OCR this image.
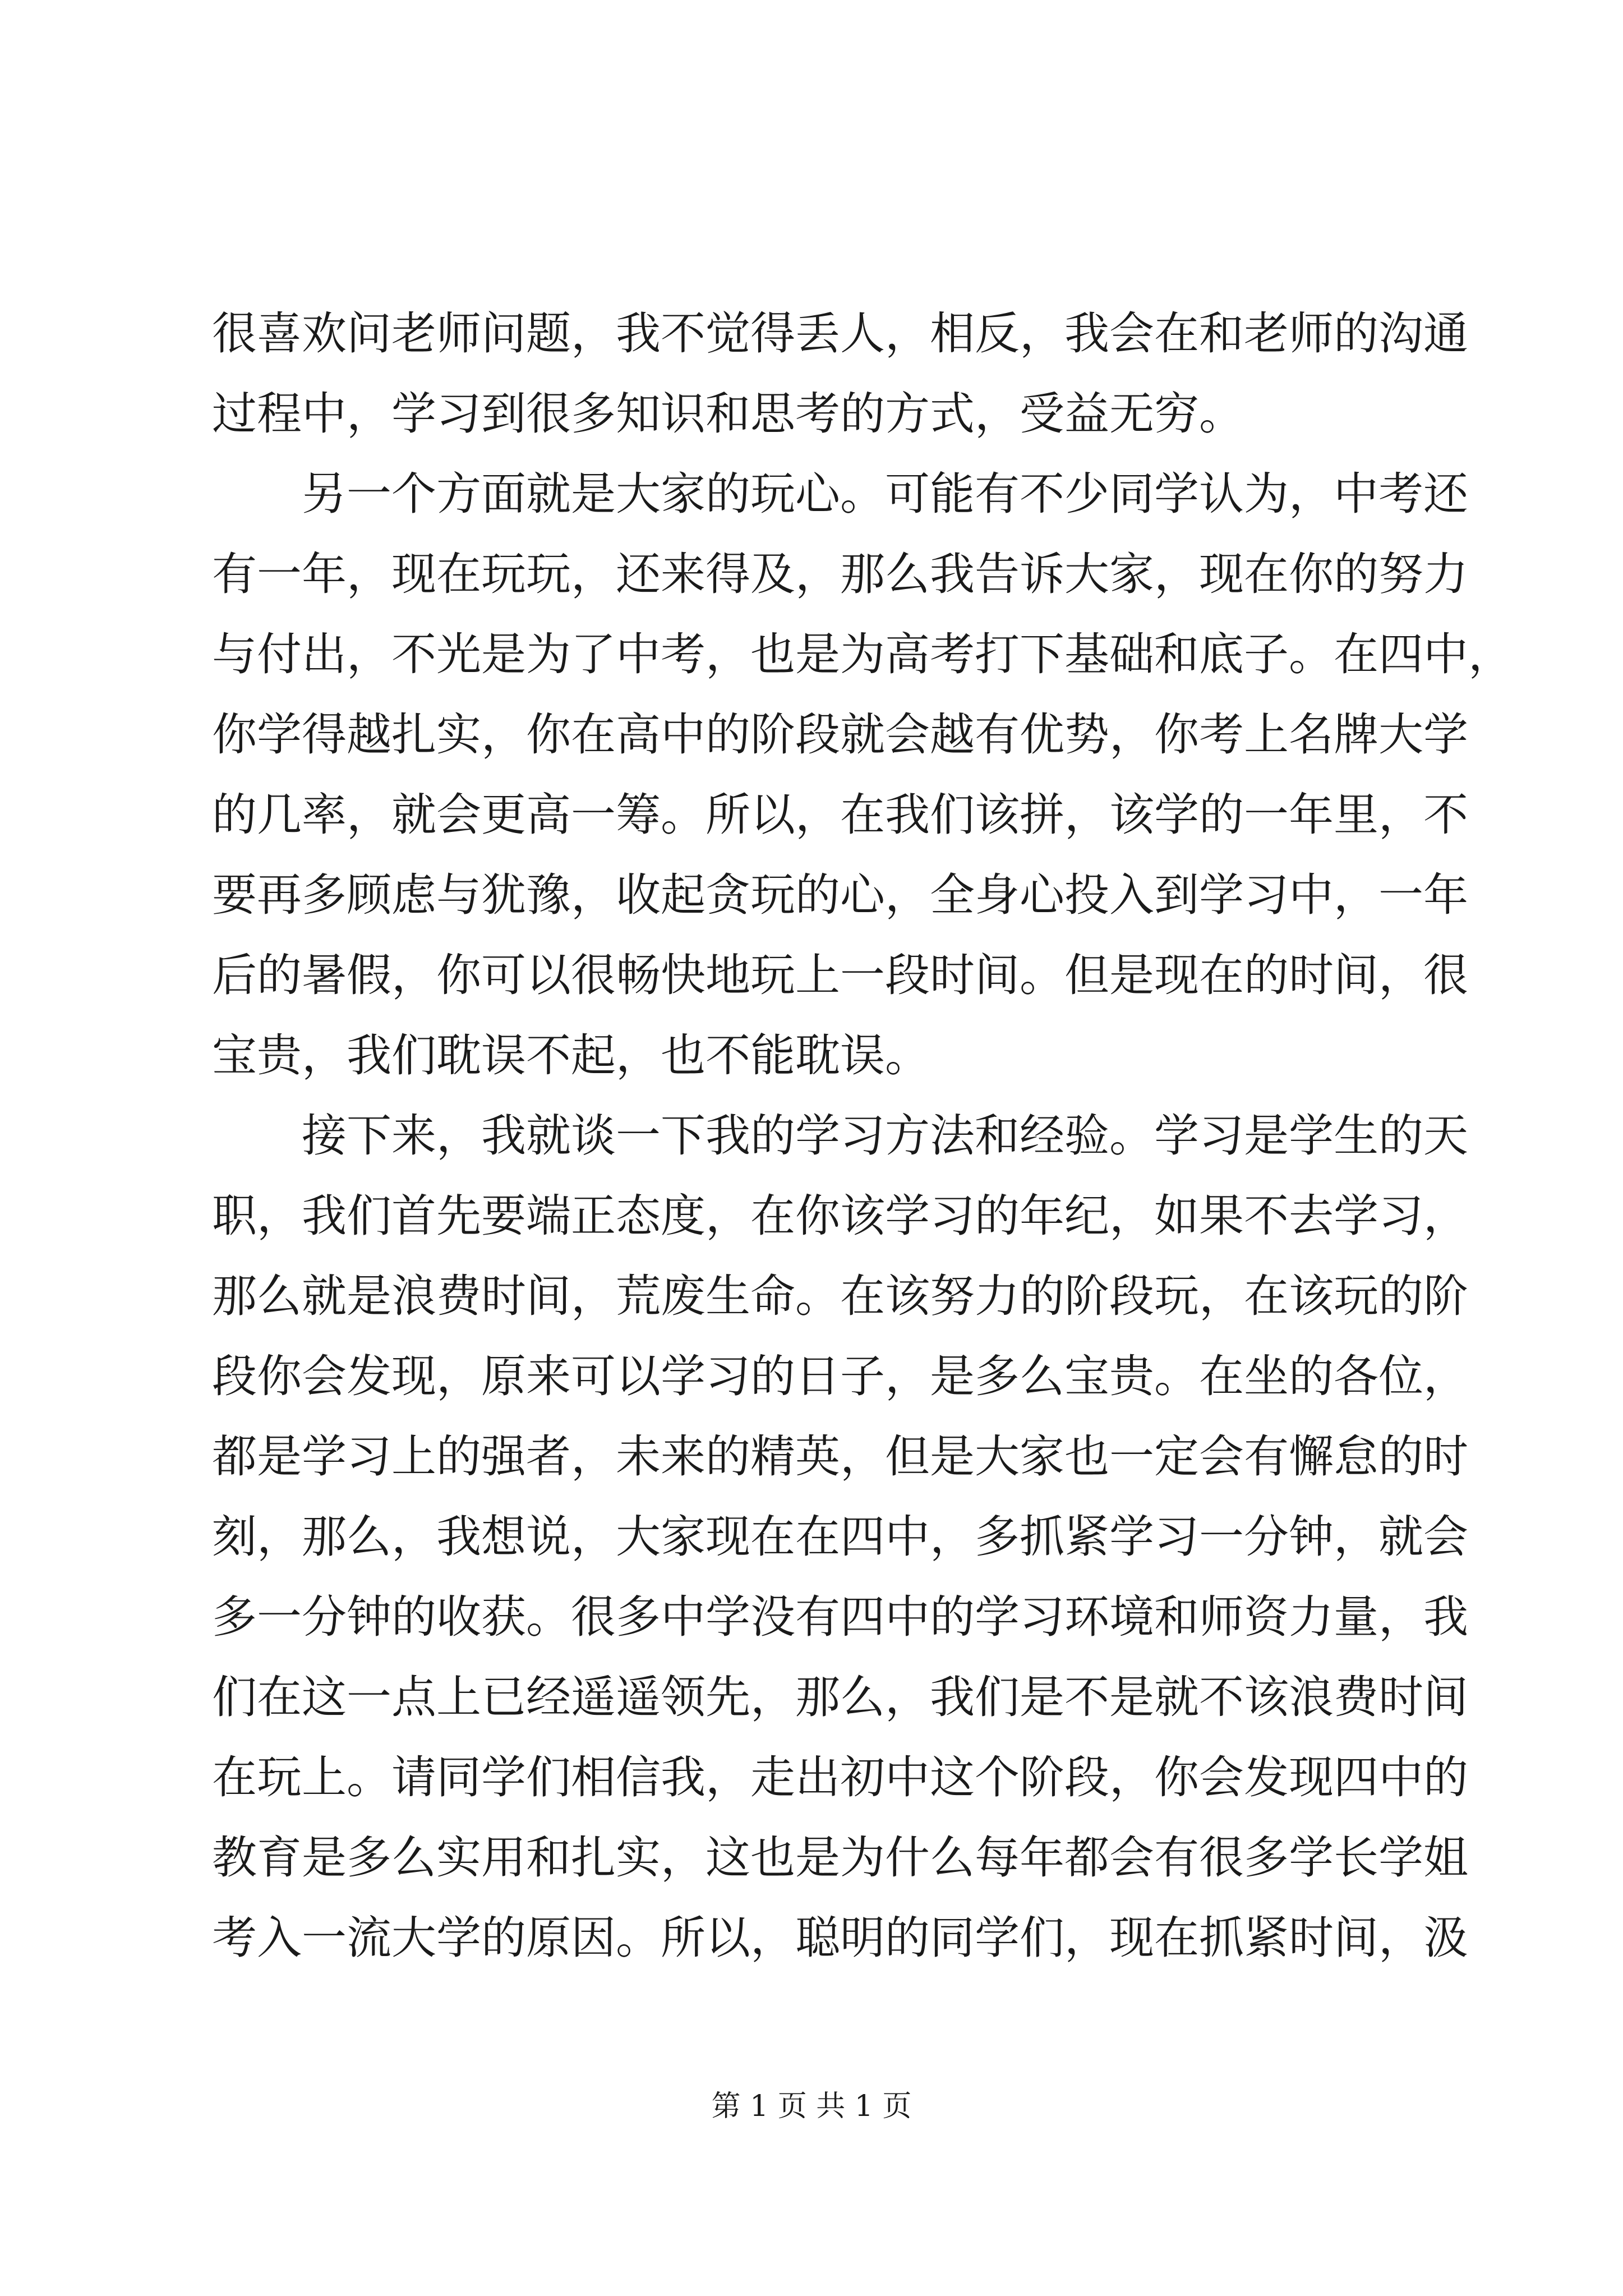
很喜欢问老师问题，我不觉得丢人，相反，我会在和老师的沟通
过程中，学习到很多知识和思考的方式，受益无穷。
另一个方面就是大家的玩心。可能有不少同学认为，中考还
有一年，现在玩玩，还来得及，那么我告诉大家，现在你的努力
与付出，不光是为了中考，也是为高考打下基础和底子。在四中，
你学得越扎实，你在高中的阶段就会越有优势，你考上名牌大学
的几率，就会更高一筹。所以，在我们该拼，该学的一年里，不
要再多顾虑与犹豫，收起贪玩的心，全身心投入到学习中，一年
后的暑假，你可以很畅快地玩上一段时间。但是现在的时间，很
宝贵，我们耽误不起，也不能耽误。
接下来，我就谈一下我的学习方法和经验。学习是学生的天
职，我们首先要端正态度，在你该学习的年纪，如果不去学习，
那么就是浪费时间，荒废生命。在该努力的阶段玩，在该玩的阶
段你会发现，原来可以学习的日子，是多么宝贵。在坐的各位，
都是学习上的强者，未来的精英，但是大家也一定会有懈怠的时
刻，那么，我想说，大家现在在四中，多抓紧学习一分钟，就会
多一分钟的收获。很多中学没有四中的学习环境和师资力量，我
们在这一点上已经遥遥领先，那么，我们是不是就不该浪费时间
在玩上。请同学们相信我，走出初中这个阶段，你会发现四中的
教育是多么实用和扎实，这也是为什么每年都会有很多学长学姐
考入一流大学的原因。所以，聪明的同学们，现在抓紧时间，汲
第 1 页 共 1 页
